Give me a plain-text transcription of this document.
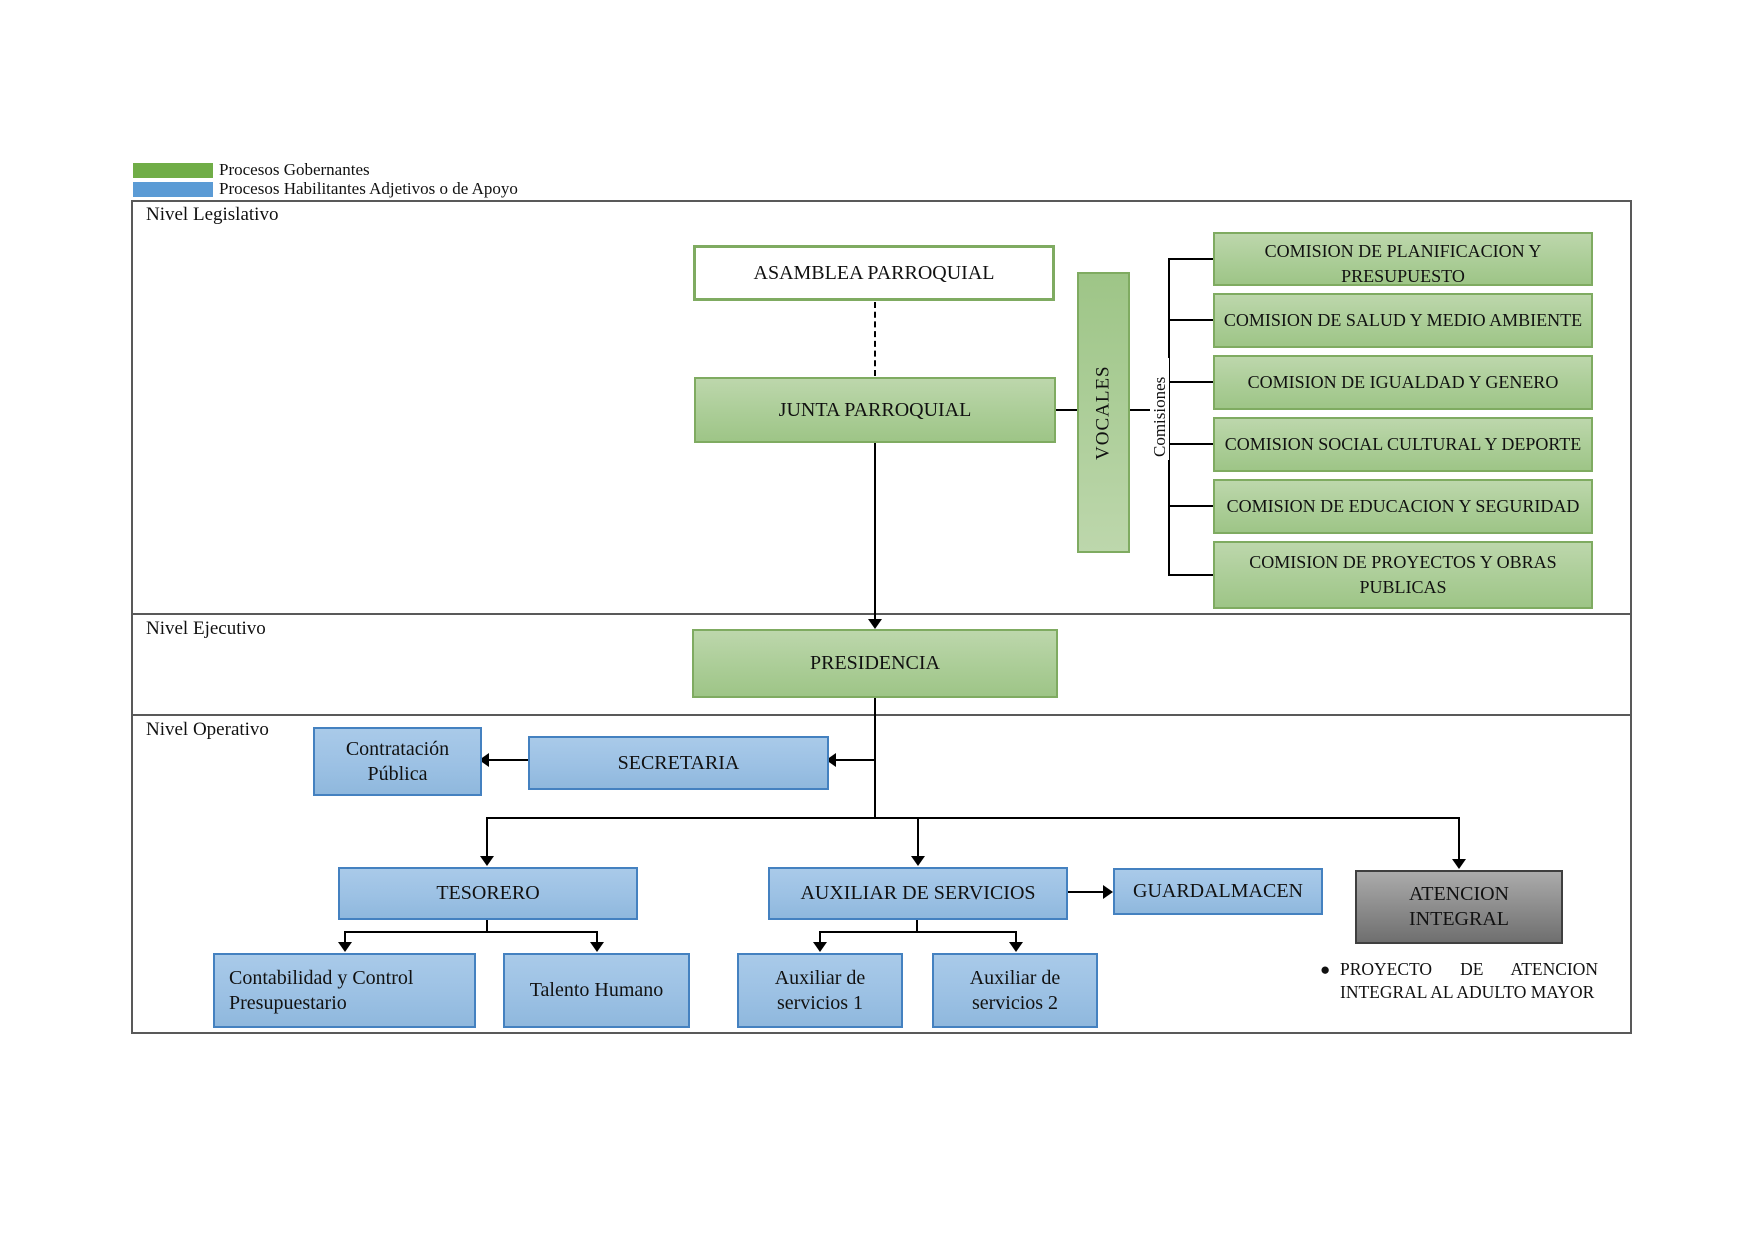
Procesos Gobernantes
Procesos Habilitantes Adjetivos o de Apoyo
Nivel Legislativo
Nivel Ejecutivo
Nivel Operativo
Comisiones
ASAMBLEA PARROQUIAL
JUNTA PARROQUIAL	VOCALES
COMISION DE PLANIFICACION Y PRESUPUESTO
COMISION DE SALUD Y MEDIO AMBIENTE
COMISION DE IGUALDAD Y GENERO
COMISION SOCIAL CULTURAL Y DEPORTE
COMISION DE EDUCACION Y SEGURIDAD
COMISION DE PROYECTOS Y OBRAS PUBLICAS
PRESIDENCIA
Contratación Pública	SECRETARIA
TESORERO
Contabilidad y Control Presupuestario
Talento Humano
AUXILIAR DE SERVICIOS
Auxiliar de servicios 1
Auxiliar de servicios 2
GUARDALMACEN	ATENCION INTEGRAL
● PROYECTO DE ATENCION INTEGRAL AL ADULTO MAYOR
